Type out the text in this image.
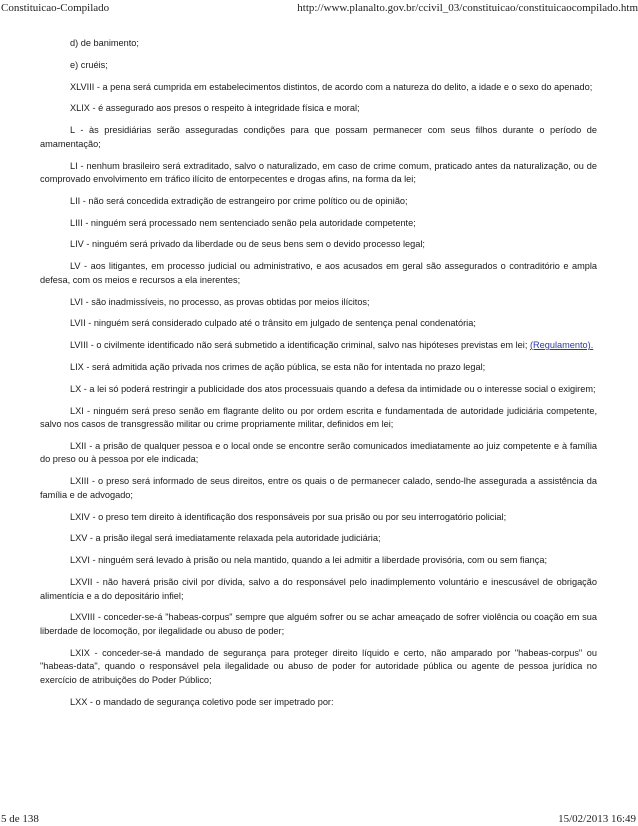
Constituicao-Compilado	http://www.planalto.gov.br/ccivil_03/constituicao/constituicaocompilado.htm

d) de banimento;

e) cruéis;

XLVIII - a pena será cumprida em estabelecimentos distintos, de acordo com a natureza do delito, a idade e o sexo do apenado;

XLIX - é assegurado aos presos o respeito à integridade física e moral;

L - às presidiárias serão asseguradas condições para que possam permanecer com seus filhos durante o período de amamentação;

LI - nenhum brasileiro será extraditado, salvo o naturalizado, em caso de crime comum, praticado antes da naturalização, ou de comprovado envolvimento em tráfico ilícito de entorpecentes e drogas afins, na forma da lei;

LII - não será concedida extradição de estrangeiro por crime político ou de opinião;

LIII - ninguém será processado nem sentenciado senão pela autoridade competente;

LIV - ninguém será privado da liberdade ou de seus bens sem o devido processo legal;

LV - aos litigantes, em processo judicial ou administrativo, e aos acusados em geral são assegurados o contraditório e ampla defesa, com os meios e recursos a ela inerentes;

LVI - são inadmissíveis, no processo, as provas obtidas por meios ilícitos;

LVII - ninguém será considerado culpado até o trânsito em julgado de sentença penal condenatória;

LVIII - o civilmente identificado não será submetido a identificação criminal, salvo nas hipóteses previstas em lei; (Regulamento).

LIX - será admitida ação privada nos crimes de ação pública, se esta não for intentada no prazo legal;

LX - a lei só poderá restringir a publicidade dos atos processuais quando a defesa da intimidade ou o interesse social o exigirem;

LXI - ninguém será preso senão em flagrante delito ou por ordem escrita e fundamentada de autoridade judiciária competente, salvo nos casos de transgressão militar ou crime propriamente militar, definidos em lei;

LXII - a prisão de qualquer pessoa e o local onde se encontre serão comunicados imediatamente ao juiz competente e à família do preso ou à pessoa por ele indicada;

LXIII - o preso será informado de seus direitos, entre os quais o de permanecer calado, sendo-lhe assegurada a assistência da família e de advogado;

LXIV - o preso tem direito à identificação dos responsáveis por sua prisão ou por seu interrogatório policial;

LXV - a prisão ilegal será imediatamente relaxada pela autoridade judiciária;

LXVI - ninguém será levado à prisão ou nela mantido, quando a lei admitir a liberdade provisória, com ou sem fiança;

LXVII - não haverá prisão civil por dívida, salvo a do responsável pelo inadimplemento voluntário e inescusável de obrigação alimentícia e a do depositário infiel;

LXVIII - conceder-se-á "habeas-corpus" sempre que alguém sofrer ou se achar ameaçado de sofrer violência ou coação em sua liberdade de locomoção, por ilegalidade ou abuso de poder;

LXIX - conceder-se-á mandado de segurança para proteger direito líquido e certo, não amparado por "habeas-corpus" ou "habeas-data", quando o responsável pela ilegalidade ou abuso de poder for autoridade pública ou agente de pessoa jurídica no exercício de atribuições do Poder Público;

LXX - o mandado de segurança coletivo pode ser impetrado por:

5 de 138	15/02/2013 16:49
